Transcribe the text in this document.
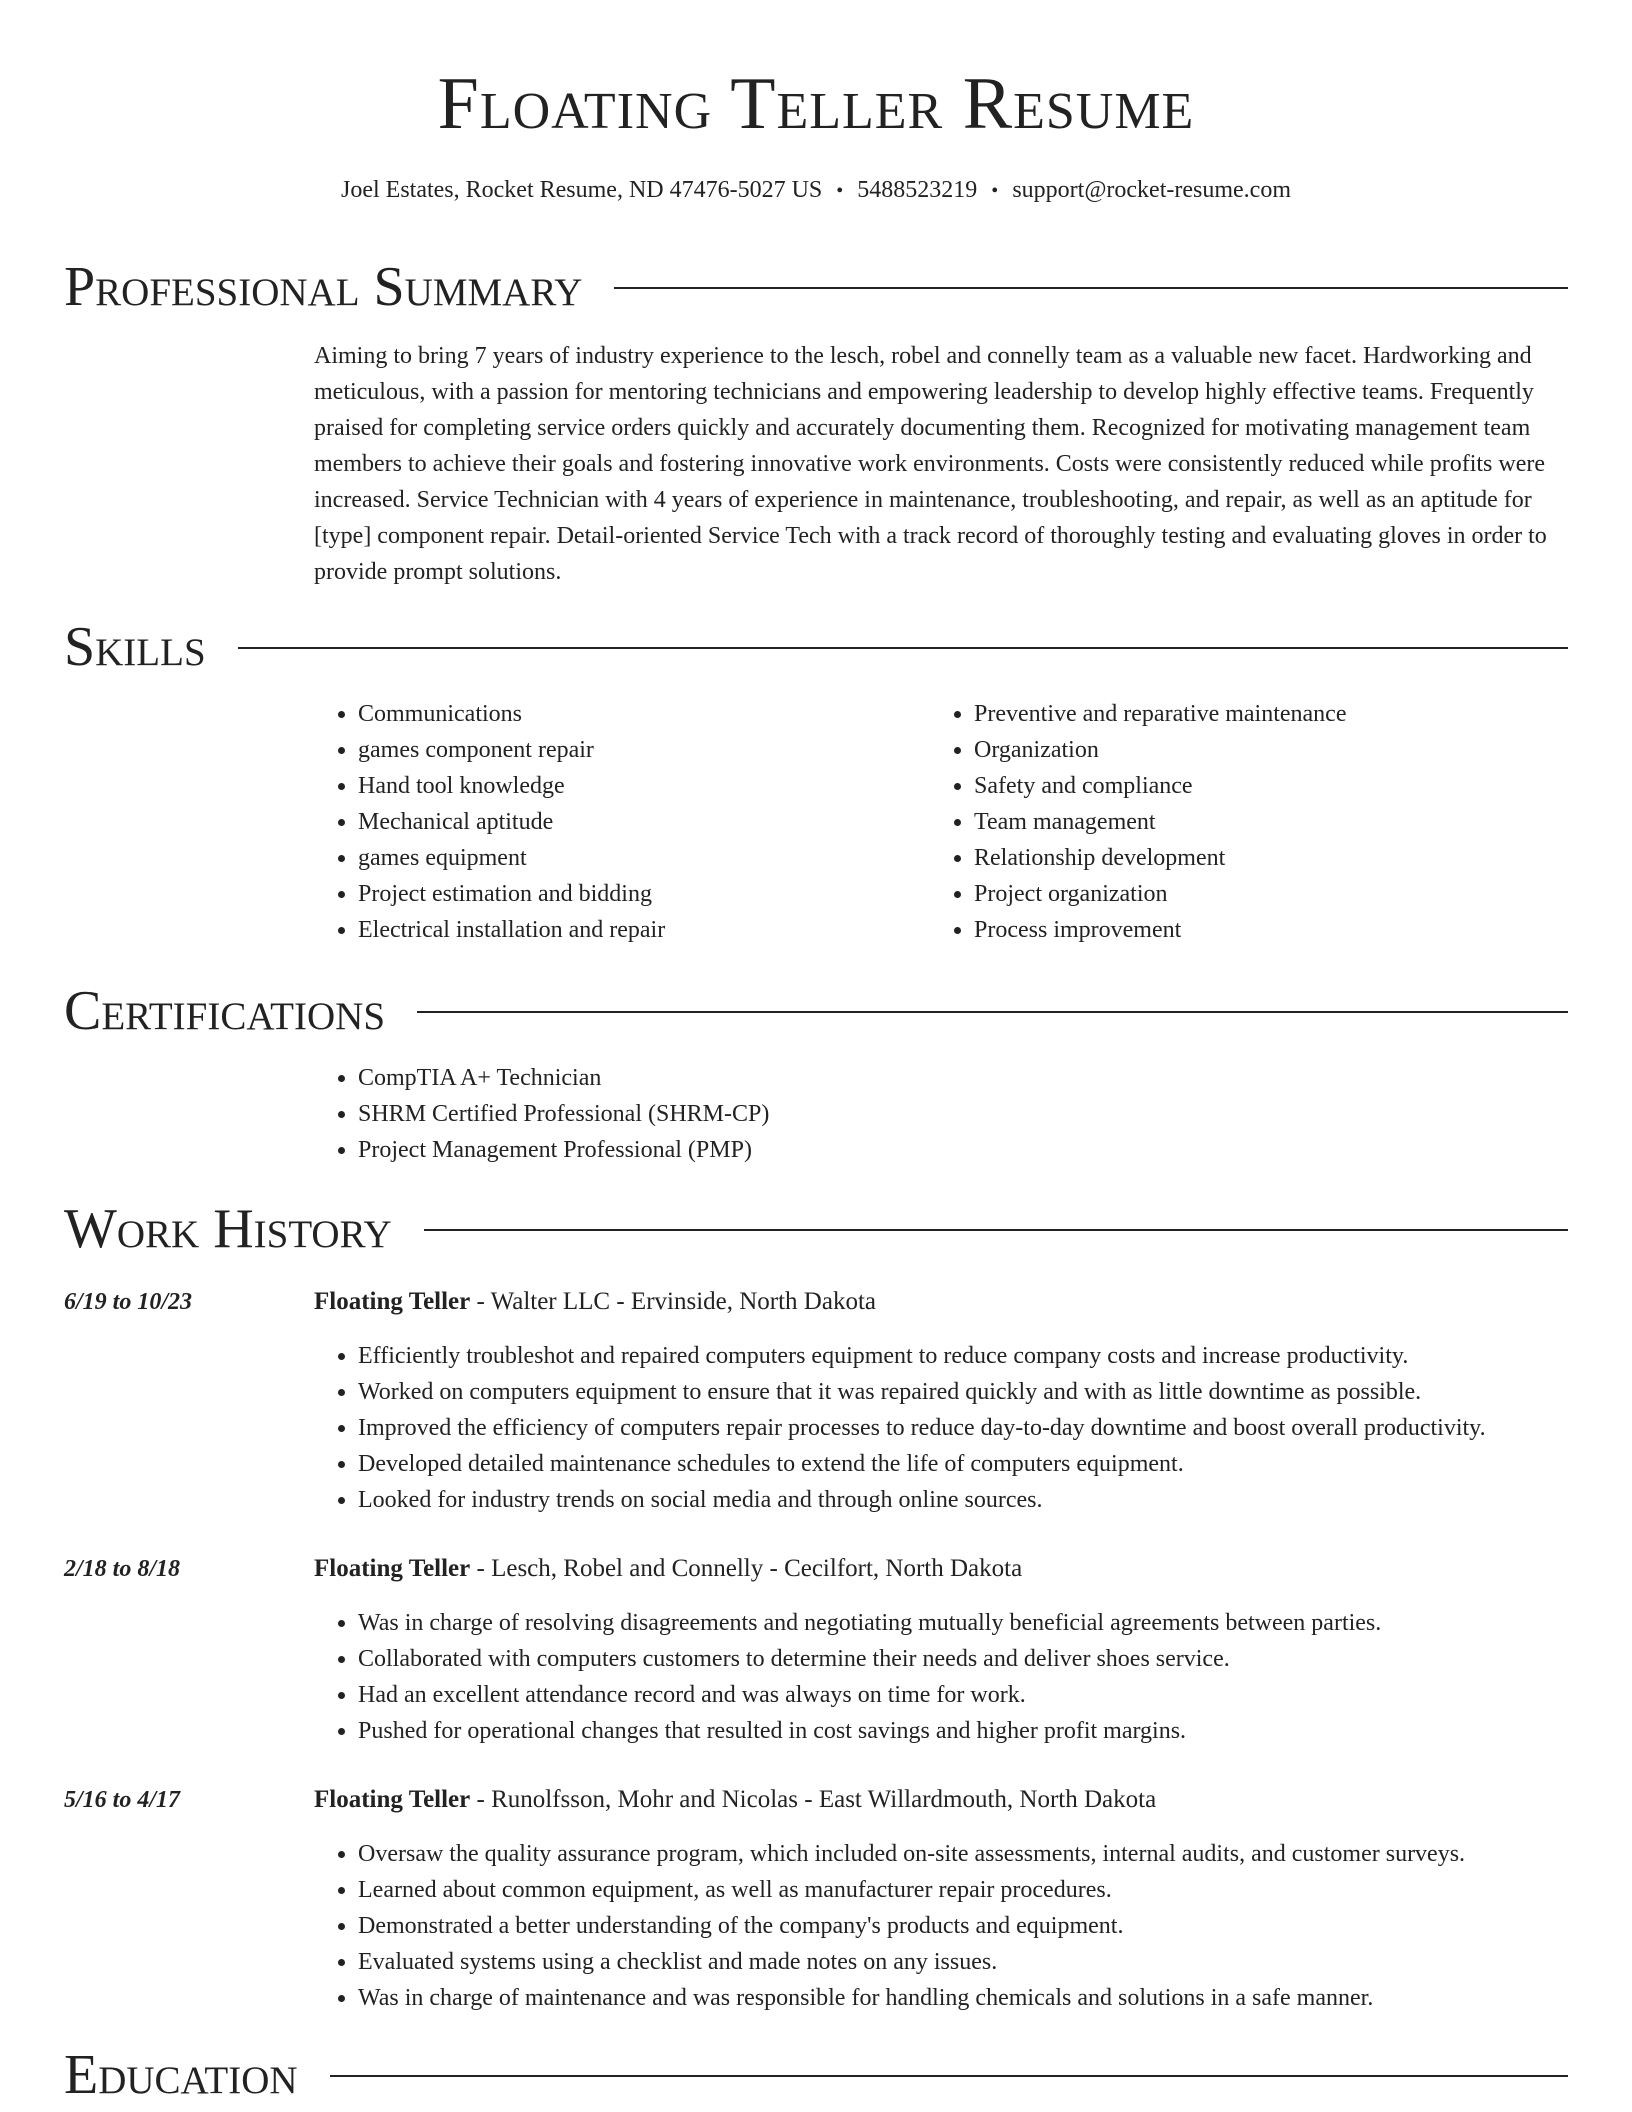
Floating Teller Resume
Joel Estates, Rocket Resume, ND 47476-5027 US • 5488523219 • support@rocket-resume.com
Professional Summary

Aiming to bring 7 years of industry experience to the lesch, robel and connelly team as a valuable new facet. Hardworking and meticulous, with a passion for mentoring technicians and empowering leadership to develop highly effective teams. Frequently praised for completing service orders quickly and accurately documenting them. Recognized for motivating management team members to achieve their goals and fostering innovative work environments. Costs were consistently reduced while profits were increased. Service Technician with 4 years of experience in maintenance, troubleshooting, and repair, as well as an aptitude for [type] component repair. Detail-oriented Service Tech with a track record of thoroughly testing and evaluating gloves in order to provide prompt solutions.

Skills
• Communications
• games component repair
• Hand tool knowledge
• Mechanical aptitude
• games equipment
• Project estimation and bidding
• Electrical installation and repair
• Preventive and reparative maintenance
• Organization
• Safety and compliance
• Team management
• Relationship development
• Project organization
• Process improvement
Certifications
• CompTIA A+ Technician
• SHRM Certified Professional (SHRM-CP)
• Project Management Professional (PMP)
Work History
6/19 to 10/23	Floating Teller - Walter LLC - Ervinside, North Dakota
• Efficiently troubleshot and repaired computers equipment to reduce company costs and increase productivity.
• Worked on computers equipment to ensure that it was repaired quickly and with as little downtime as possible.
• Improved the efficiency of computers repair processes to reduce day-to-day downtime and boost overall productivity.
• Developed detailed maintenance schedules to extend the life of computers equipment.
• Looked for industry trends on social media and through online sources.
2/18 to 8/18	Floating Teller - Lesch, Robel and Connelly - Cecilfort, North Dakota
• Was in charge of resolving disagreements and negotiating mutually beneficial agreements between parties.
• Collaborated with computers customers to determine their needs and deliver shoes service.
• Had an excellent attendance record and was always on time for work.
• Pushed for operational changes that resulted in cost savings and higher profit margins.
5/16 to 4/17	Floating Teller - Runolfsson, Mohr and Nicolas - East Willardmouth, North Dakota
• Oversaw the quality assurance program, which included on-site assessments, internal audits, and customer surveys.
• Learned about common equipment, as well as manufacturer repair procedures.
• Demonstrated a better understanding of the company's products and equipment.
• Evaluated systems using a checklist and made notes on any issues.
• Was in charge of maintenance and was responsible for handling chemicals and solutions in a safe manner.
Education
